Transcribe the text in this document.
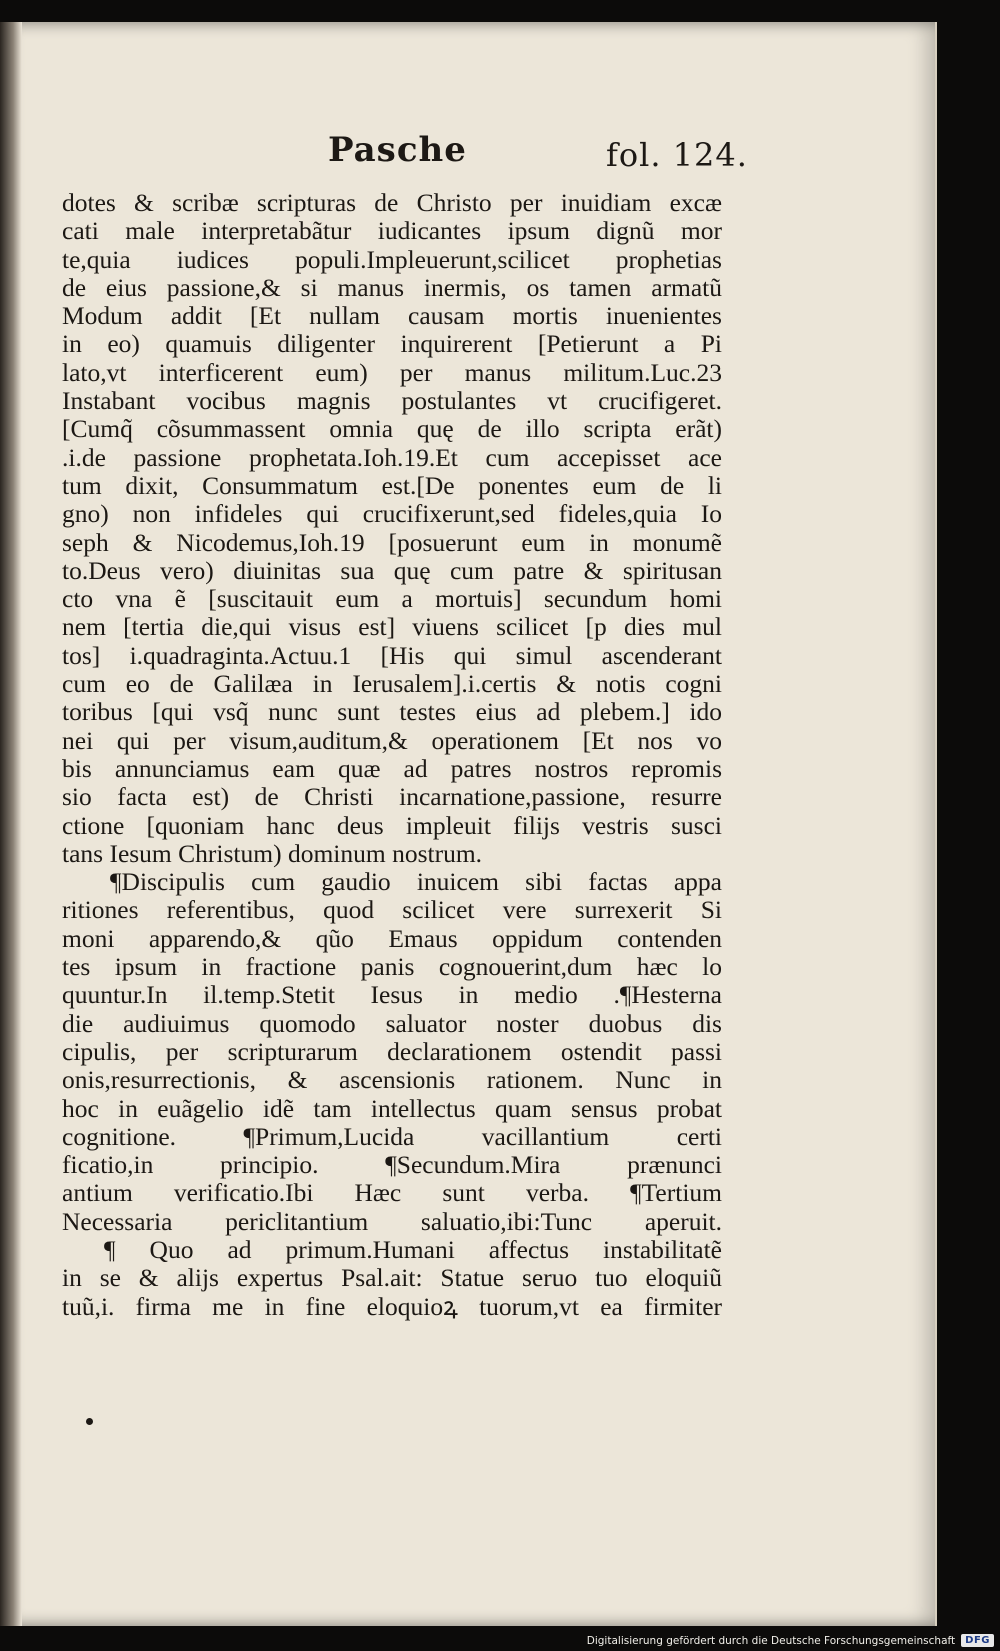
Pasche	fol. 124.
dotes & scribæ scripturas de Christo per inuidiam excæ
cati male interpretabãtur iudicantes ipsum dignũ mor
te,quia iudices populi.Impleuerunt,scilicet prophetias
de eius passione,& si manus inermis, os tamen armatũ
Modum addit [Et nullam causam mortis inuenientes
in eo) quamuis diligenter inquirerent [Petierunt a Pi
lato,vt interficerent eum) per manus militum.Luc.23
Instabant vocibus magnis postulantes vt crucifigeret.
[Cumq̃ cõsummassent omnia quę de illo scripta erãt)
.i.de passione prophetata.Ioh.19.Et cum accepisset ace
tum dixit, Consummatum est.[De ponentes eum de li
gno) non infideles qui crucifixerunt,sed fideles,quia Io
seph & Nicodemus,Ioh.19 [posuerunt eum in monumẽ
to.Deus vero) diuinitas sua quę cum patre & spiritusan
cto vna ẽ [suscitauit eum a mortuis] secundum homi
nem [tertia die,qui visus est] viuens scilicet [p dies mul
tos] i.quadraginta.Actuu.1 [His qui simul ascenderant
cum eo de Galilæa in Ierusalem].i.certis & notis cogni
toribus [qui vsq̃ nunc sunt testes eius ad plebem.] ido
nei qui per visum,auditum,& operationem [Et nos vo
bis annunciamus eam quæ ad patres nostros repromis
sio facta est) de Christi incarnatione,passione, resurre
ctione [quoniam hanc deus impleuit filijs vestris susci
tans Iesum Christum) dominum nostrum.
¶Discipulis cum gaudio inuicem sibi factas appa
ritiones referentibus, quod scilicet vere surrexerit Si
moni apparendo,& qũo Emaus oppidum contenden
tes ipsum in fractione panis cognouerint,dum hæc lo
quuntur.In il.temp.Stetit Iesus in medio .¶Hesterna
die audiuimus quomodo saluator noster duobus dis
cipulis, per scripturarum declarationem ostendit passi
onis,resurrectionis, & ascensionis rationem. Nunc in
hoc in euãgelio idẽ tam intellectus quam sensus probat
cognitione. ¶Primum,Lucida vacillantium certi
ficatio,in principio. ¶Secundum.Mira prænunci
antium verificatio.Ibi Hæc sunt verba. ¶Tertium
Necessaria periclitantium saluatio,ibi:Tunc aperuit.
¶ Quo ad primum.Humani affectus instabilitatẽ
in se & alijs expertus Psal.ait: Statue seruo tuo eloquiũ
tuũ,i. firma me in fine eloquioꝝ tuorum,vt ea firmiter
Digitalisierung gefördert durch die Deutsche Forschungsgemeinschaft	DFG
